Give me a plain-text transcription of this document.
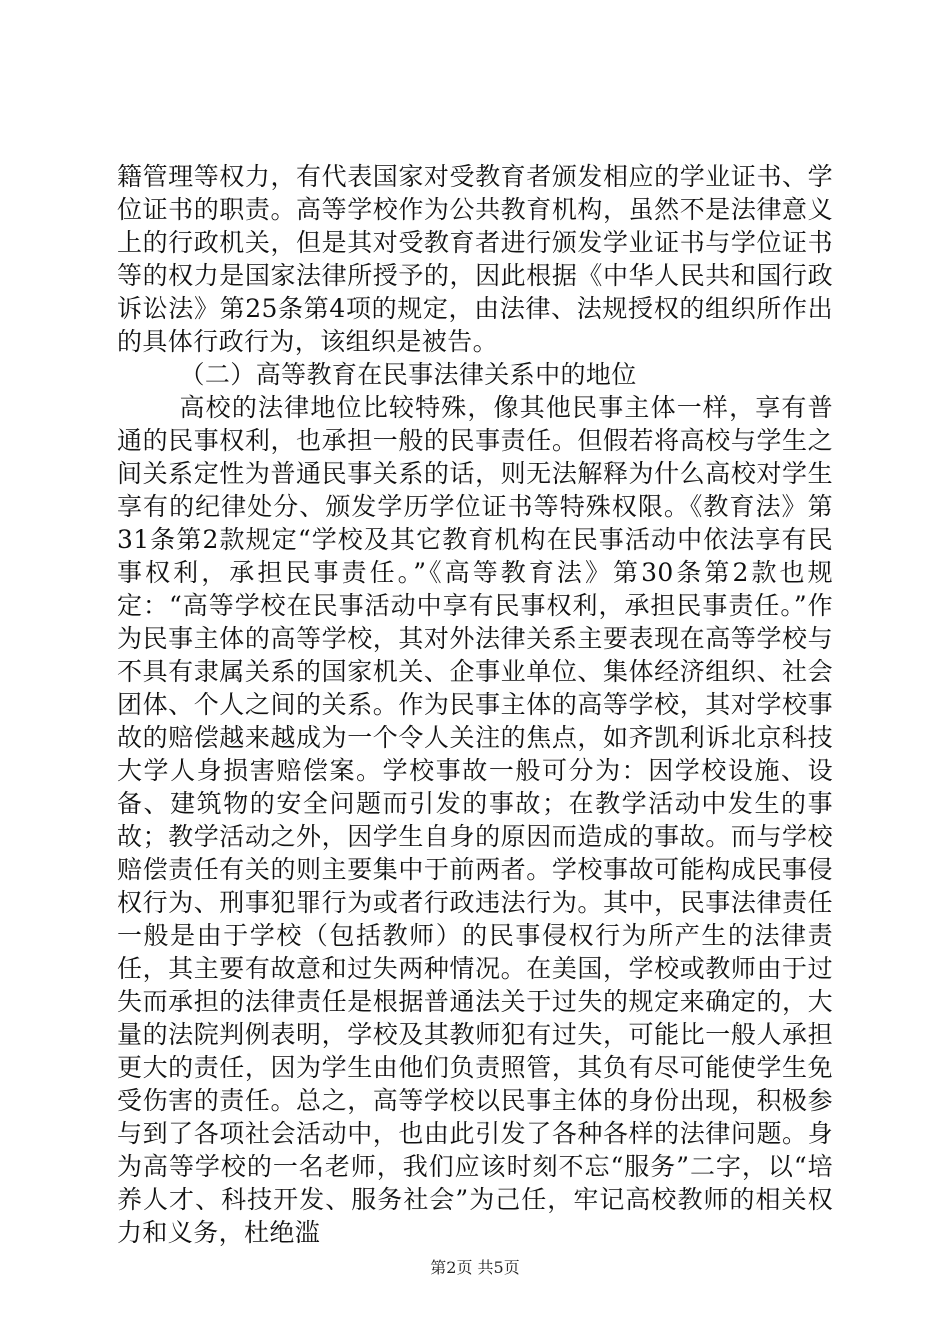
籍管理等权力，有代表国家对受教育者颁发相应的学业证书、学位证书的职责。高等学校作为公共教育机构，虽然不是法律意义上的行政机关，但是其对受教育者进行颁发学业证书与学位证书等的权力是国家法律所授予的，因此根据《中华人民共和国行政诉讼法》第25条第4项的规定，由法律、法规授权的组织所作出的具体行政行为，该组织是被告。

（二）高等教育在民事法律关系中的地位

高校的法律地位比较特殊，像其他民事主体一样，享有普通的民事权利，也承担一般的民事责任。但假若将高校与学生之间关系定性为普通民事关系的话，则无法解释为什么高校对学生享有的纪律处分、颁发学历学位证书等特殊权限。《教育法》第31条第2款规定“学校及其它教育机构在民事活动中依法享有民事权利，承担民事责任。”《高等教育法》第30条第2款也规定：“高等学校在民事活动中享有民事权利，承担民事责任。”作为民事主体的高等学校，其对外法律关系主要表现在高等学校与不具有隶属关系的国家机关、企事业单位、集体经济组织、社会团体、个人之间的关系。作为民事主体的高等学校，其对学校事故的赔偿越来越成为一个令人关注的焦点，如齐凯利诉北京科技大学人身损害赔偿案。学校事故一般可分为：因学校设施、设备、建筑物的安全问题而引发的事故；在教学活动中发生的事故；教学活动之外，因学生自身的原因而造成的事故。而与学校赔偿责任有关的则主要集中于前两者。学校事故可能构成民事侵权行为、刑事犯罪行为或者行政违法行为。其中，民事法律责任一般是由于学校（包括教师）的民事侵权行为所产生的法律责任，其主要有故意和过失两种情况。在美国，学校或教师由于过失而承担的法律责任是根据普通法关于过失的规定来确定的，大量的法院判例表明，学校及其教师犯有过失，可能比一般人承担更大的责任，因为学生由他们负责照管，其负有尽可能使学生免受伤害的责任。总之，高等学校以民事主体的身份出现，积极参与到了各项社会活动中，也由此引发了各种各样的法律问题。身为高等学校的一名老师，我们应该时刻不忘“服务”二字，以“培养人才、科技开发、服务社会”为己任，牢记高校教师的相关权力和义务，杜绝滥

第2页 共5页
